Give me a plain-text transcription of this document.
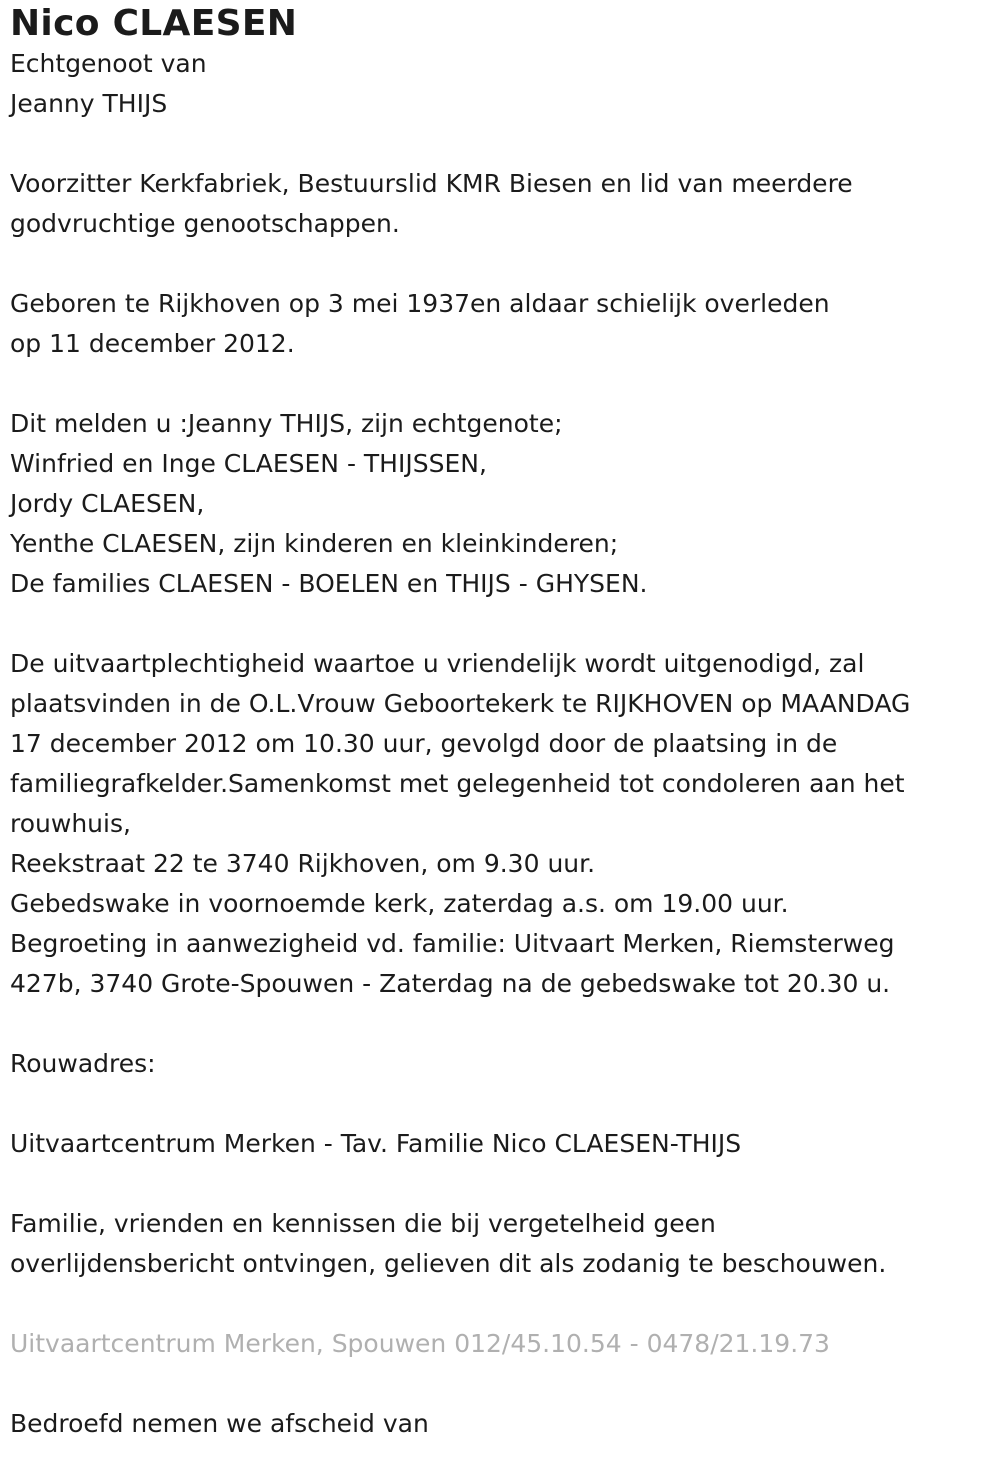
Nico CLAESEN
Echtgenoot van
Jeanny THIJS
Voorzitter Kerkfabriek, Bestuurslid KMR Biesen en lid van meerdere
godvruchtige genootschappen.
Geboren te Rijkhoven op 3 mei 1937en aldaar schielijk overleden
op 11 december 2012.
Dit melden u :Jeanny THIJS, zijn echtgenote;
Winfried en Inge CLAESEN - THIJSSEN,
Jordy CLAESEN,
Yenthe CLAESEN, zijn kinderen en kleinkinderen;
De families CLAESEN - BOELEN en THIJS - GHYSEN.
De uitvaartplechtigheid waartoe u vriendelijk wordt uitgenodigd, zal
plaatsvinden in de O.L.Vrouw Geboortekerk te RIJKHOVEN op MAANDAG
17 december 2012 om 10.30 uur, gevolgd door de plaatsing in de
familiegrafkelder.Samenkomst met gelegenheid tot condoleren aan het
rouwhuis,
Reekstraat 22 te 3740 Rijkhoven, om 9.30 uur.
Gebedswake in voornoemde kerk, zaterdag a.s. om 19.00 uur.
Begroeting in aanwezigheid vd. familie: Uitvaart Merken, Riemsterweg
427b, 3740 Grote-Spouwen - Zaterdag na de gebedswake tot 20.30 u.
Rouwadres:
Uitvaartcentrum Merken - Tav. Familie Nico CLAESEN-THIJS
Familie, vrienden en kennissen die bij vergetelheid geen
overlijdensbericht ontvingen, gelieven dit als zodanig te beschouwen.
Uitvaartcentrum Merken, Spouwen 012/45.10.54 - 0478/21.19.73
Bedroefd nemen we afscheid van
